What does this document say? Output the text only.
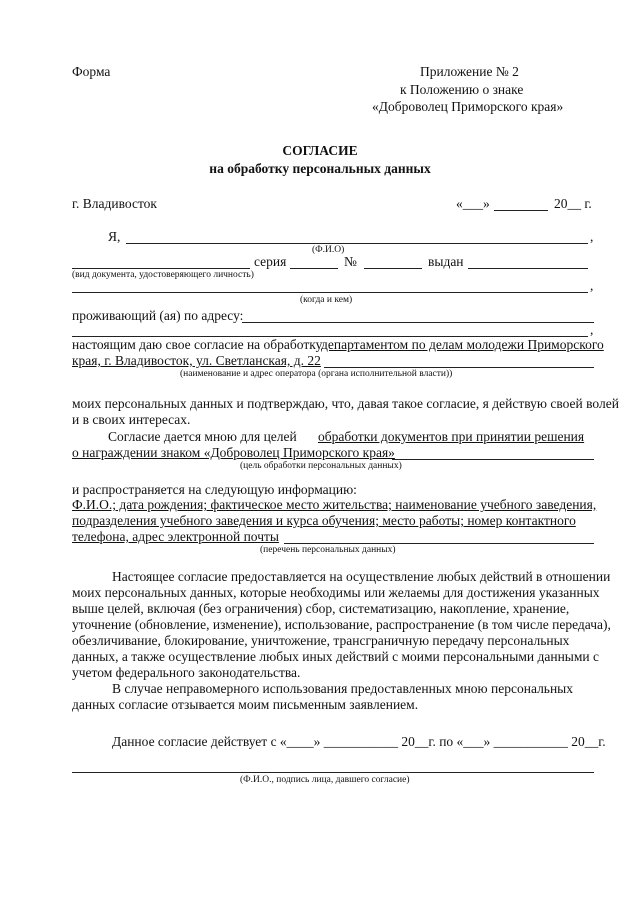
Форма	Приложение № 2
к Положению о знаке
«Доброволец Приморского края»
СОГЛАСИЕ
на обработку персональных данных
г. Владивосток	«___»	20__ г.
Я,	,
(Ф.И.О)
серия	№	выдан
(вид документа, удостоверяющего личность)
,
(когда и кем)
проживающий (ая) по адресу:
,
настоящим даю свое согласие на обработку
департаментом по делам молодежи Приморского
края, г. Владивосток, ул. Светланская, д. 22
(наименование и адрес оператора (органа исполнительной власти))
моих персональных данных и подтверждаю, что, давая такое согласие, я действую своей волей
и в своих интересах.
Согласие дается мною для целей обработки документов при принятии решения
о награждении знаком «Доброволец Приморского края»
(цель обработки персональных данных)
и распространяется на следующую информацию:
Ф.И.О.; дата рождения; фактическое место жительства; наименование учебного заведения,
подразделения учебного заведения и курса обучения; место работы; номер контактного
телефона, адрес электронной почты
(перечень персональных данных)
Настоящее согласие предоставляется на осуществление любых действий в отношении
моих персональных данных, которые необходимы или желаемы для достижения указанных
выше целей, включая (без ограничения) сбор, систематизацию, накопление, хранение,
уточнение (обновление, изменение), использование, распространение (в том числе передача),
обезличивание, блокирование, уничтожение, трансграничную передачу персональных
данных, а также осуществление любых иных действий с моими персональными данными с
учетом федерального законодательства.
В случае неправомерного использования предоставленных мною персональных
данных согласие отзывается моим письменным заявлением.
Данное согласие действует с «____» ___________ 20__г. по «___» ___________ 20__г.
(Ф.И.О., подпись лица, давшего согласие)
